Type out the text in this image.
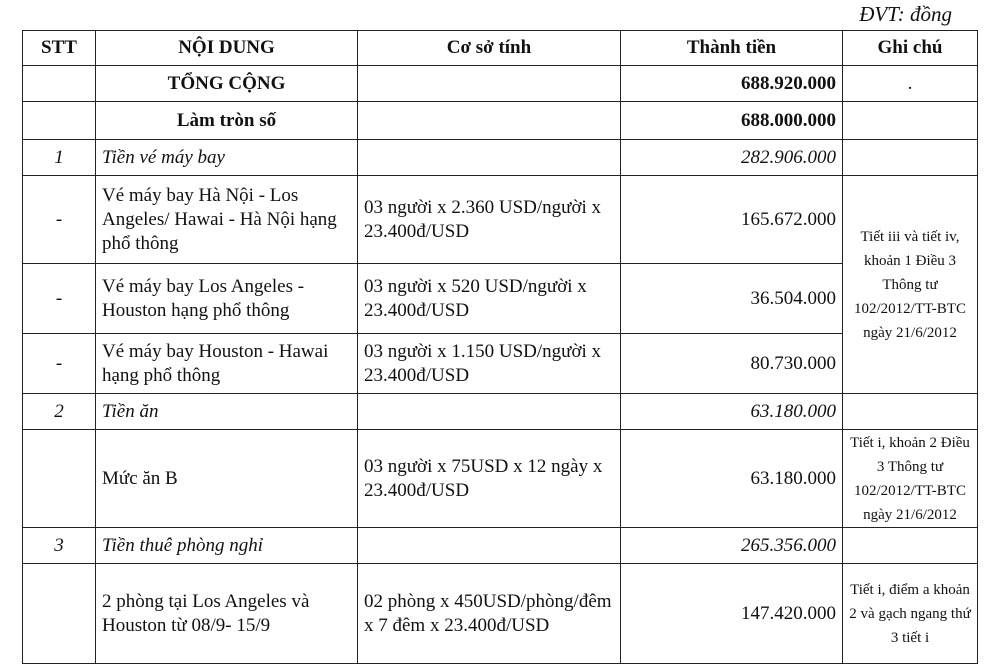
ĐVT: đồng
STT	NỘI DUNG	Cơ sở tính	Thành tiền	Ghi chú
	TỔNG CỘNG		688.920.000	.

	Làm tròn số		688.000.000	
1	Tiền vé máy bay		282.906.000	
-	Vé máy bay Hà Nội - Los Angeles/ Hawai - Hà Nội hạng phổ thông	03 người x 2.360 USD/người x 23.400đ/USD	165.672.000	Tiết iii và tiết iv, khoản 1 Điều 3 Thông tư 102/2012/TT-BTC ngày 21/6/2012
-	Vé máy bay Los Angeles - Houston hạng phổ thông	03 người x 520 USD/người x 23.400đ/USD	36.504.000	
-	Vé máy bay Houston - Hawai hạng phổ thông	03 người x 1.150 USD/người x 23.400đ/USD	80.730.000	
2	Tiền ăn		63.180.000	
	Mức ăn B	03 người x 75USD x 12 ngày x 23.400đ/USD	63.180.000	Tiết i, khoản 2 Điều 3 Thông tư 102/2012/TT-BTC ngày 21/6/2012
3	Tiền thuê phòng nghỉ		265.356.000	
	2 phòng tại Los Angeles và Houston từ 08/9- 15/9	02 phòng x 450USD/phòng/đêm x 7 đêm x 23.400đ/USD	147.420.000	Tiết i, điểm a khoản 2 và gạch ngang thứ 3 tiết i
